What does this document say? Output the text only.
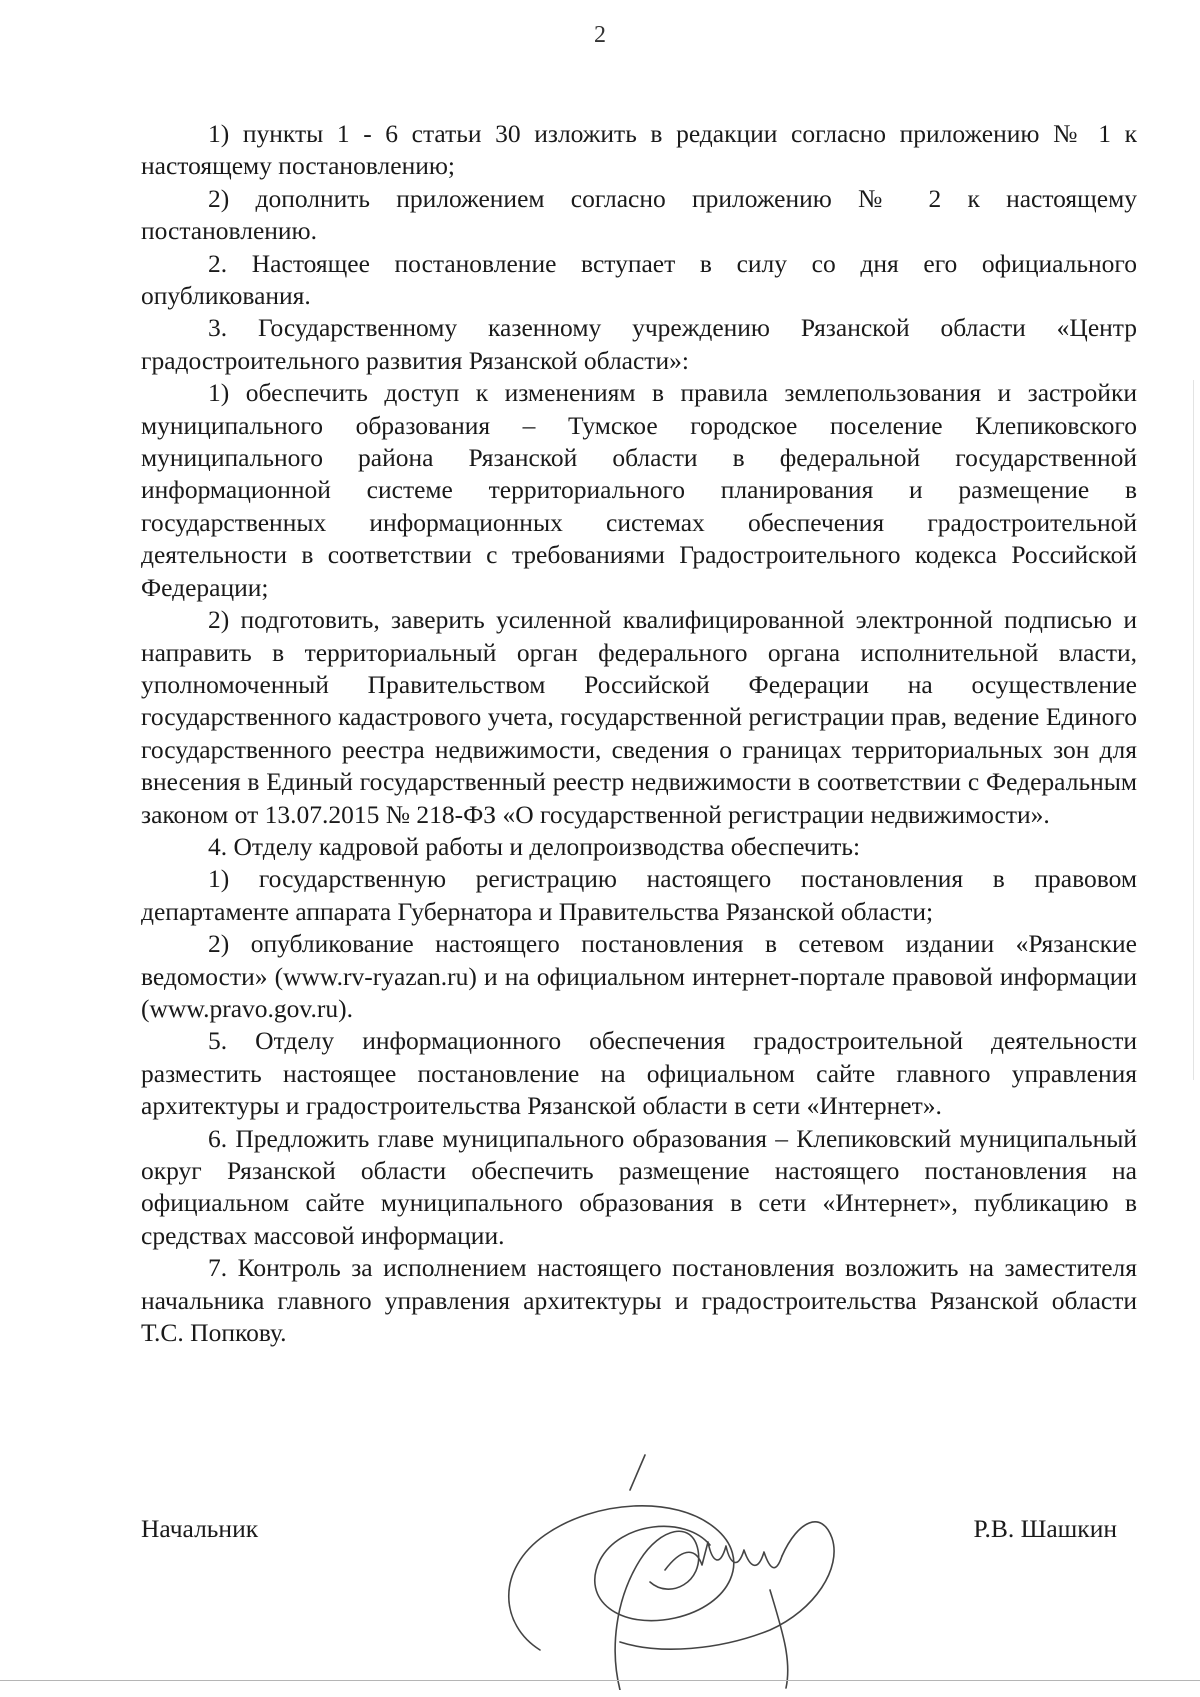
2

1) пункты 1 - 6 статьи 30 изложить в редакции согласно приложению № 1 к настоящему постановлению;

2) дополнить приложением согласно приложению № 2 к настоящему постановлению.

2. Настоящее постановление вступает в силу со дня его официального опубликования.

3. Государственному казенному учреждению Рязанской области «Центр градостроительного развития Рязанской области»:

1) обеспечить доступ к изменениям в правила землепользования и застройки муниципального образования – Тумское городское поселение Клепиковского муниципального района Рязанской области в федеральной государственной информационной системе территориального планирования и размещение в государственных информационных системах обеспечения градостроительной деятельности в соответствии с требованиями Градостроительного кодекса Российской Федерации;

2) подготовить, заверить усиленной квалифицированной электронной подписью и направить в территориальный орган федерального органа исполнительной власти, уполномоченный Правительством Российской Федерации на осуществление государственного кадастрового учета, государственной регистрации прав, ведение Единого государственного реестра недвижимости, сведения о границах территориальных зон для внесения в Единый государственный реестр недвижимости в соответствии с Федеральным законом от 13.07.2015 № 218-ФЗ «О государственной регистрации недвижимости».

4. Отделу кадровой работы и делопроизводства обеспечить:

1) государственную регистрацию настоящего постановления в правовом департаменте аппарата Губернатора и Правительства Рязанской области;

2) опубликование настоящего постановления в сетевом издании «Рязанские ведомости» (www.rv-ryazan.ru) и на официальном интернет-портале правовой информации (www.pravo.gov.ru).

5. Отделу информационного обеспечения градостроительной деятельности разместить настоящее постановление на официальном сайте главного управления архитектуры и градостроительства Рязанской области в сети «Интернет».

6. Предложить главе муниципального образования – Клепиковский муниципальный округ Рязанской области обеспечить размещение настоящего постановления на официальном сайте муниципального образования в сети «Интернет», публикацию в средствах массовой информации.

7. Контроль за исполнением настоящего постановления возложить на заместителя начальника главного управления архитектуры и градостроительства Рязанской области Т.С. Попкову.

Начальник	Р.В. Шашкин
